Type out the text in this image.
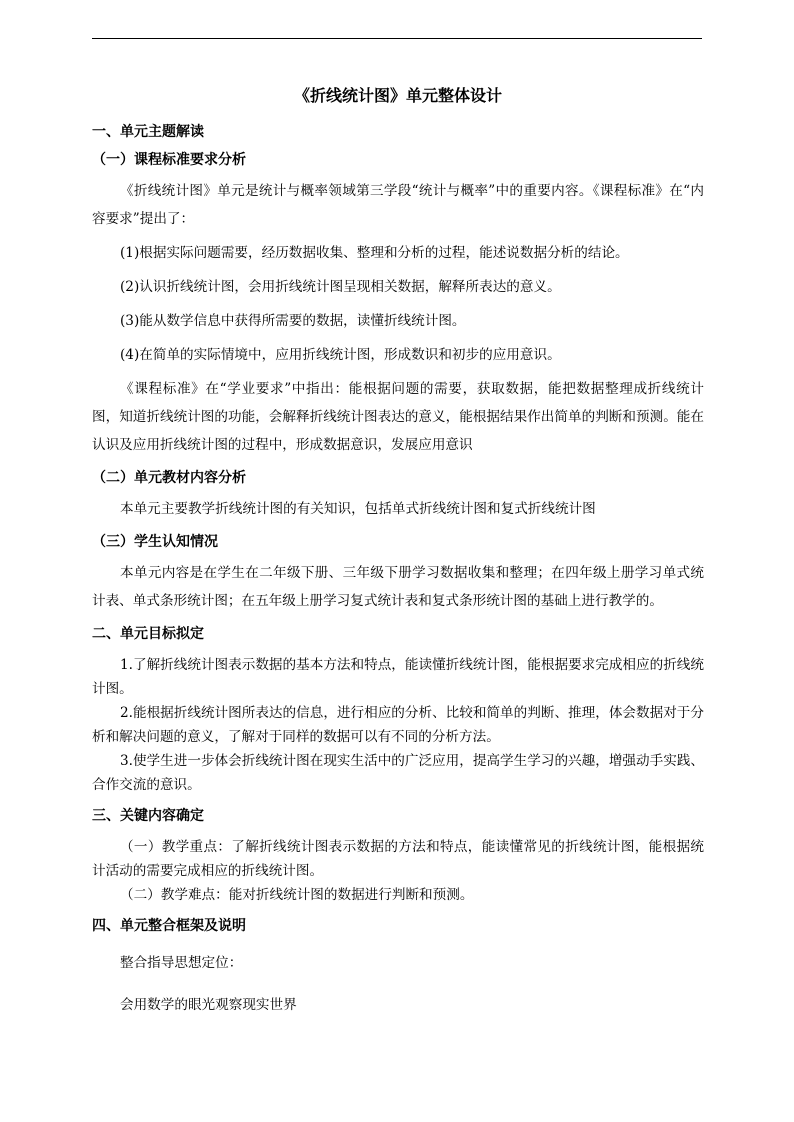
《折线统计图》单元整体设计
一、单元主题解读
（一）课程标准要求分析

《折线统计图》单元是统计与概率领域第三学段“统计与概率”中的重要内容。《课程标准》在“内容要求”提出了：

(1)根据实际问题需要，经历数据收集、整理和分析的过程，能述说数据分析的结论。

(2)认识折线统计图，会用折线统计图呈现相关数据，解释所表达的意义。

(3)能从数学信息中获得所需要的数据，读懂折线统计图。

(4)在简单的实际情境中，应用折线统计图，形成数识和初步的应用意识。

《课程标准》在“学业要求”中指出：能根据问题的需要，获取数据，能把数据整理成折线统计图，知道折线统计图的功能，会解释折线统计图表达的意义，能根据结果作出简单的判断和预测。能在认识及应用折线统计图的过程中，形成数据意识，发展应用意识

（二）单元教材内容分析

本单元主要教学折线统计图的有关知识，包括单式折线统计图和复式折线统计图

（三）学生认知情况

本单元内容是在学生在二年级下册、三年级下册学习数据收集和整理；在四年级上册学习单式统计表、单式条形统计图；在五年级上册学习复式统计表和复式条形统计图的基础上进行教学的。

二、单元目标拟定

1.了解折线统计图表示数据的基本方法和特点，能读懂折线统计图，能根据要求完成相应的折线统计图。

2.能根据折线统计图所表达的信息，进行相应的分析、比较和简单的判断、推理，体会数据对于分析和解决问题的意义，了解对于同样的数据可以有不同的分析方法。

3.使学生进一步体会折线统计图在现实生活中的广泛应用，提高学生学习的兴趣，增强动手实践、合作交流的意识。

三、关键内容确定

（一）教学重点：了解折线统计图表示数据的方法和特点，能读懂常见的折线统计图，能根据统计活动的需要完成相应的折线统计图。

（二）教学难点：能对折线统计图的数据进行判断和预测。

四、单元整合框架及说明

整合指导思想定位：

会用数学的眼光观察现实世界
